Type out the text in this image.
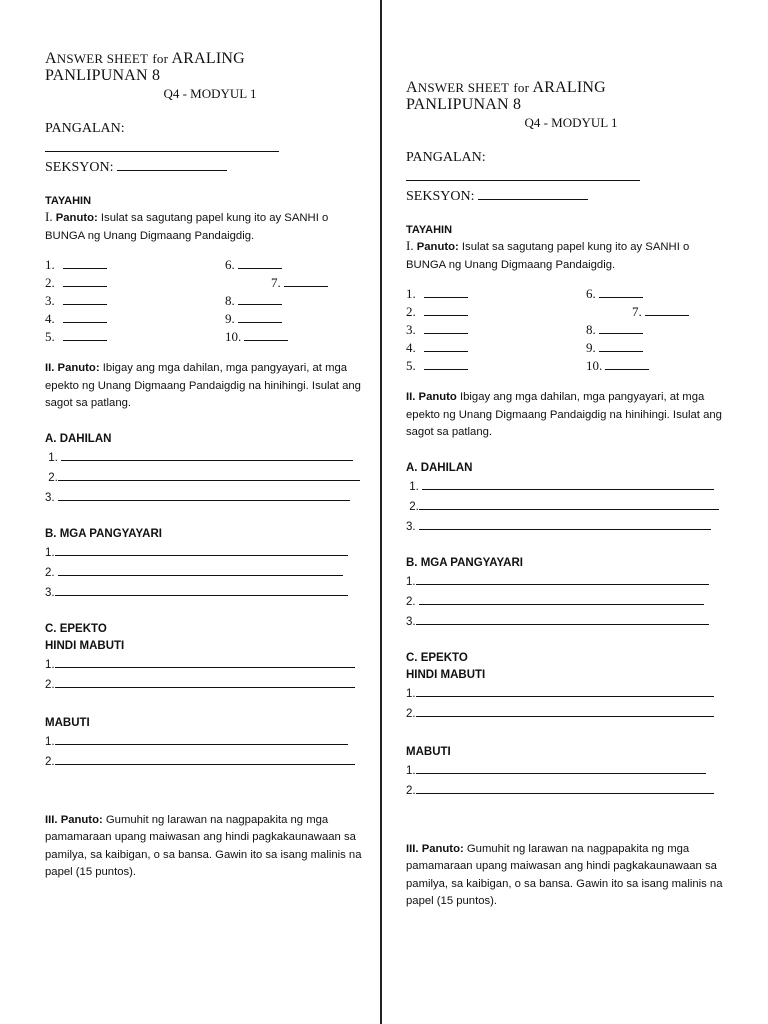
ANSWER SHEET for ARALING
PANLIPUNAN 8
Q4 - MODYUL 1
PANGALAN:
SEKSYON:
TAYAHIN
I. Panuto: Isulat sa sagutang papel kung ito ay SANHI o BUNGA ng Unang Digmaang Pandaigdig.
1.
2.
3.
4.
5.
6.
7.
8.
9.
10.
II. Panuto: Ibigay ang mga dahilan, mga pangyayari, at mga epekto ng Unang Digmaang Pandaigdig na hinihingi. Isulat ang sagot sa patlang.
A. DAHILAN
1.
2.
3.
B. MGA PANGYAYARI
1.
2.
3.
C. EPEKTO
HINDI MABUTI
1.
2.
MABUTI
1.
2.
III. Panuto: Gumuhit ng larawan na nagpapakita ng mga pamamaraan upang maiwasan ang hindi pagkakaunawaan sa pamilya, sa kaibigan, o sa bansa. Gawin ito sa isang malinis na papel (15 puntos).
ANSWER SHEET for ARALING
PANLIPUNAN 8
Q4 - MODYUL 1
PANGALAN:
SEKSYON:
TAYAHIN
I. Panuto: Isulat sa sagutang papel kung ito ay SANHI o BUNGA ng Unang Digmaang Pandaigdig.
1.
2.
3.
4.
5.
6.
7.
8.
9.
10.
II. Panuto Ibigay ang mga dahilan, mga pangyayari, at mga epekto ng Unang Digmaang Pandaigdig na hinihingi. Isulat ang sagot sa patlang.
A. DAHILAN
1.
2.
3.
B. MGA PANGYAYARI
1.
2.
3.
C. EPEKTO
HINDI MABUTI
1.
2.
MABUTI
1.
2.
III. Panuto: Gumuhit ng larawan na nagpapakita ng mga pamamaraan upang maiwasan ang hindi pagkakaunawaan sa pamilya, sa kaibigan, o sa bansa. Gawin ito sa isang malinis na papel (15 puntos).
